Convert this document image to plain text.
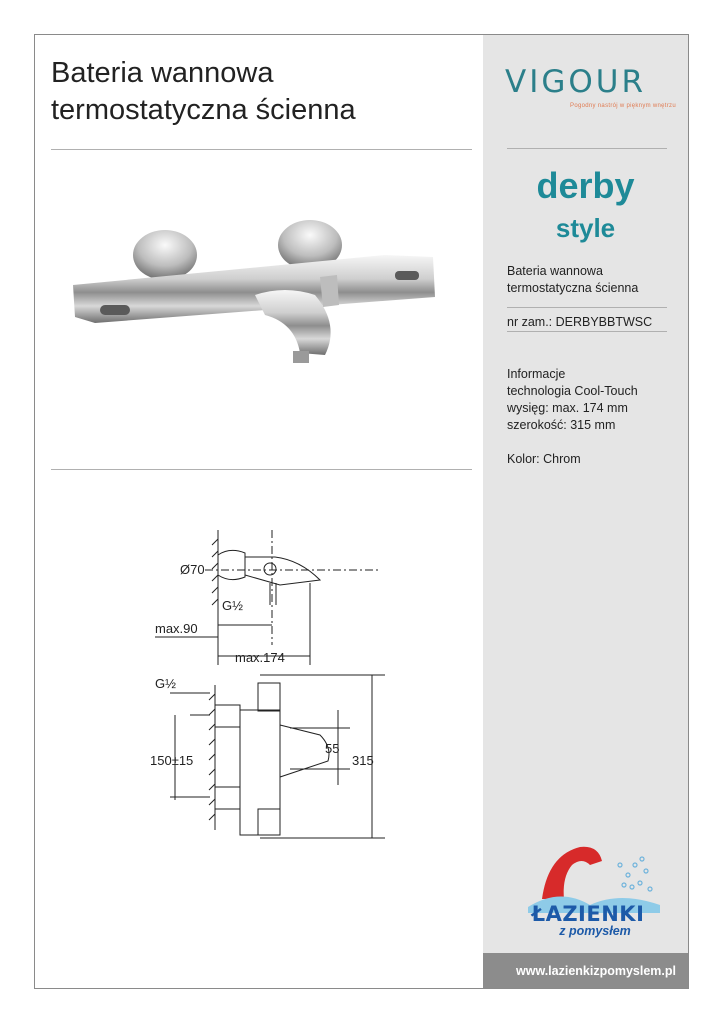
Bateria wannowa termostatyczna ścienna
Ø70
G½
max.90
max.174
G½
150±15
55
315
VIGOUR
Pogodny nastrój w pięknym wnętrzu
derby
style
Bateria wannowa termostatyczna ścienna
nr zam.: DERBYBBTWSC
Informacje
technologia Cool-Touch
wysięg: max. 174 mm
szerokość: 315 mm
Kolor: Chrom
ŁAZIENKI
z pomysłem
www.lazienkizpomyslem.pl
